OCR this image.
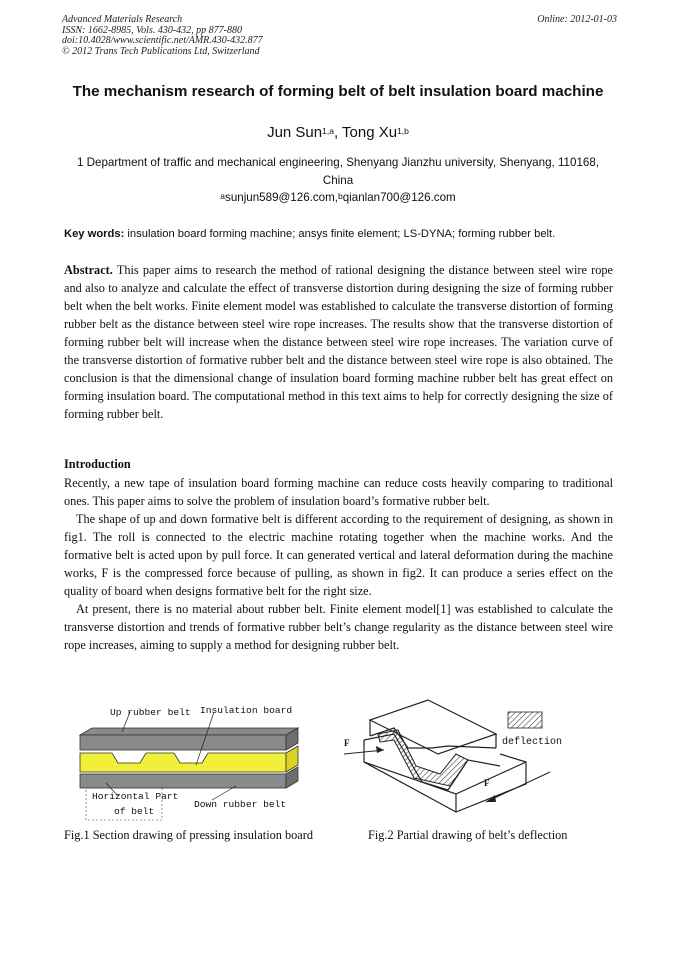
Advanced Materials Research
ISSN: 1662-8985, Vols. 430-432, pp 877-880
doi:10.4028/www.scientific.net/AMR.430-432.877
© 2012 Trans Tech Publications Ltd, Switzerland
Online: 2012-01-03
The mechanism research of forming belt of belt insulation board machine
Jun Sun$^{1,a}$, Tong Xu$^{1,b}$
1 Department of traffic and mechanical engineering, Shenyang Jianzhu university, Shenyang, 110168, China
$^a$sunjun589@126.com,$^b$qianlan700@126.com
Key words: insulation board forming machine; ansys finite element; LS-DYNA; forming rubber belt.
Abstract. This paper aims to research the method of rational designing the distance between steel wire rope and also to analyze and calculate the effect of transverse distortion during designing the size of forming rubber belt when the belt works. Finite element model was established to calculate the transverse distortion of forming rubber belt as the distance between steel wire rope increases. The results show that the transverse distortion of forming rubber belt will increase when the distance between steel wire rope increases. The variation curve of the transverse distortion of formative rubber belt and the distance between steel wire rope is also obtained. The conclusion is that the dimensional change of insulation board forming machine rubber belt has great effect on forming insulation board. The computational method in this text aims to help for correctly designing the size of forming rubber belt.
Introduction

Recently, a new tape of insulation board forming machine can reduce costs heavily comparing to traditional ones. This paper aims to solve the problem of insulation board’s formative rubber belt.

The shape of up and down formative belt is different according to the requirement of designing, as shown in fig1. The roll is connected to the electric machine rotating together when the machine works. And the formative belt is acted upon by pull force. It can generated vertical and lateral deformation during the machine works, F is the compressed force because of pulling, as shown in fig2. It can produce a series effect on the quality of board when designs formative belt for the right size.

At present, there is no material about rubber belt. Finite element model[1] was established to calculate the transverse distortion and trends of formative rubber belt’s change regularity as the distance between steel wire rope increases, aiming to supply a method for designing rubber belt.

Up rubber belt Insulation board
Horizontal Part
of belt
Down rubber belt
F
F
deflection
Fig.1 Section drawing of pressing insulation board	Fig.2 Partial drawing of belt’s deflection
